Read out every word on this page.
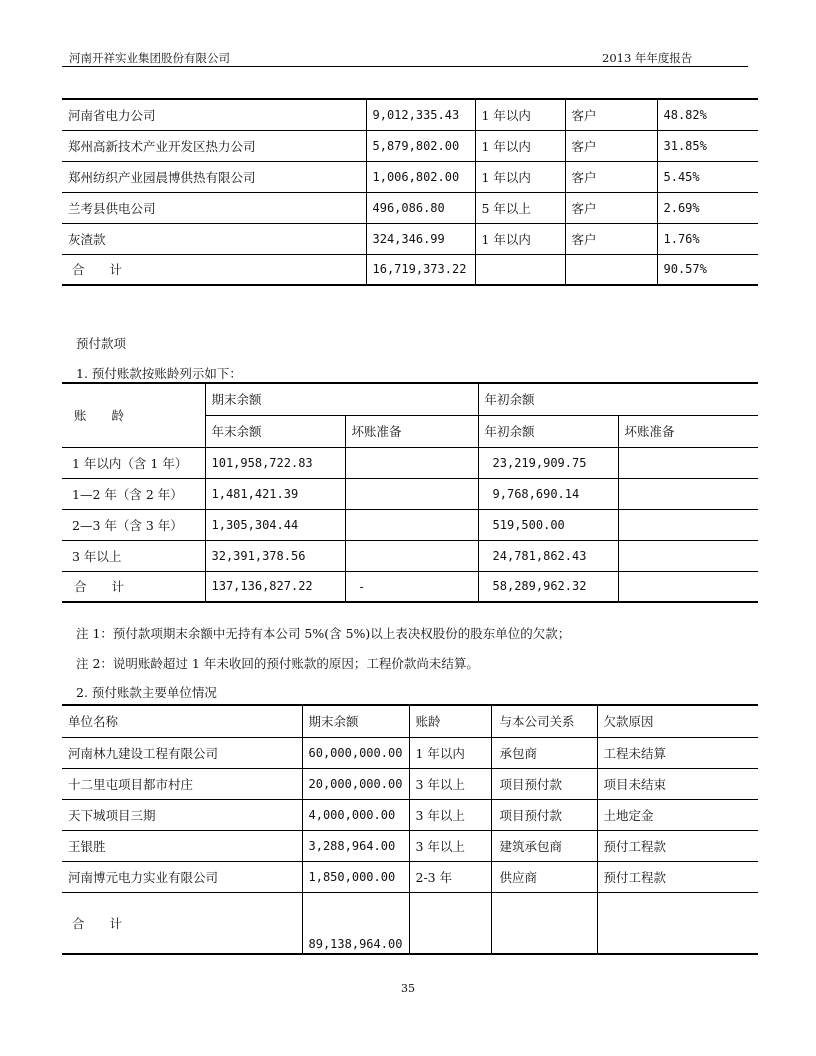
河南开祥实业集团股份有限公司	2013 年年度报告
河南省电力公司	9,012,335.43	1 年以内	客户	48.82%
郑州高新技术产业开发区热力公司	5,879,802.00	1 年以内	客户	31.85%
郑州纺织产业园晨博供热有限公司	1,006,802.00	1 年以内	客户	5.45%
兰考县供电公司	496,086.80	5 年以上	客户	2.69%
灰渣款	324,346.99	1 年以内	客户	1.76%
合　　计	16,719,373.22			90.57%
预付款项
1. 预付账款按账龄列示如下：
账　　龄	期末余额		年初余额	
	年末余额	坏账准备	年初余额	坏账准备
1 年以内（含 1 年）	101,958,722.83		23,219,909.75	
1—2 年（含 2 年）	1,481,421.39		9,768,690.14	
2—3 年（含 3 年）	1,305,304.44		519,500.00	
3 年以上	32,391,378.56		24,781,862.43	
合　　计	137,136,827.22	-	58,289,962.32	
注 1：预付款项期末余额中无持有本公司 5%(含 5%)以上表决权股份的股东单位的欠款；
注 2：说明账龄超过 1 年未收回的预付账款的原因；工程价款尚未结算。
2. 预付账款主要单位情况
单位名称	期末余额	账龄	与本公司关系	欠款原因
河南林九建设工程有限公司	60,000,000.00	1 年以内	承包商	工程未结算
十二里屯项目都市村庄	20,000,000.00	3 年以上	项目预付款	项目未结束
天下城项目三期	4,000,000.00	3 年以上	项目预付款	土地定金
王银胜	3,288,964.00	3 年以上	建筑承包商	预付工程款
河南博元电力实业有限公司	1,850,000.00	2-3 年	供应商	预付工程款
合　　计	89,138,964.00			
35
